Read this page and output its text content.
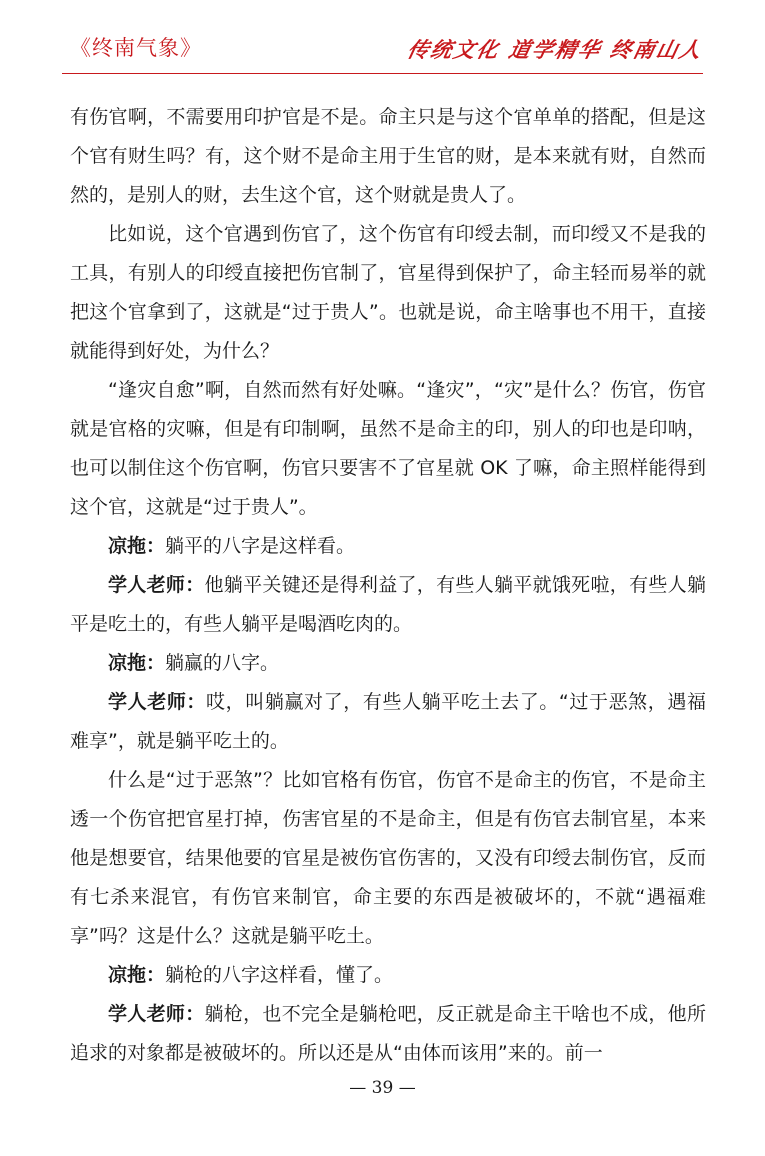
《终南气象》	传统文化 道学精华 终南山人

有伤官啊，不需要用印护官是不是。命主只是与这个官单单的搭配，但是这个官有财生吗？有，这个财不是命主用于生官的财，是本来就有财，自然而然的，是别人的财，去生这个官，这个财就是贵人了。

比如说，这个官遇到伤官了，这个伤官有印绶去制，而印绶又不是我的工具，有别人的印绶直接把伤官制了，官星得到保护了，命主轻而易举的就把这个官拿到了，这就是“过于贵人”。也就是说，命主啥事也不用干，直接就能得到好处，为什么？

“逢灾自愈”啊，自然而然有好处嘛。“逢灾”，“灾”是什么？伤官，伤官就是官格的灾嘛，但是有印制啊，虽然不是命主的印，别人的印也是印呐，也可以制住这个伤官啊，伤官只要害不了官星就 OK 了嘛，命主照样能得到这个官，这就是“过于贵人”。

凉拖：躺平的八字是这样看。

学人老师：他躺平关键还是得利益了，有些人躺平就饿死啦，有些人躺平是吃土的，有些人躺平是喝酒吃肉的。

凉拖：躺赢的八字。

学人老师：哎，叫躺赢对了，有些人躺平吃土去了。“过于恶煞，遇福难享”，就是躺平吃土的。

什么是“过于恶煞”？比如官格有伤官，伤官不是命主的伤官，不是命主透一个伤官把官星打掉，伤害官星的不是命主，但是有伤官去制官星，本来他是想要官，结果他要的官星是被伤官伤害的，又没有印绶去制伤官，反而有七杀来混官，有伤官来制官，命主要的东西是被破坏的，不就“遇福难享”吗？这是什么？这就是躺平吃土。

凉拖：躺枪的八字这样看，懂了。

学人老师：躺枪，也不完全是躺枪吧，反正就是命主干啥也不成，他所追求的对象都是被破坏的。所以还是从“由体而该用”来的。前一

— 39 —
